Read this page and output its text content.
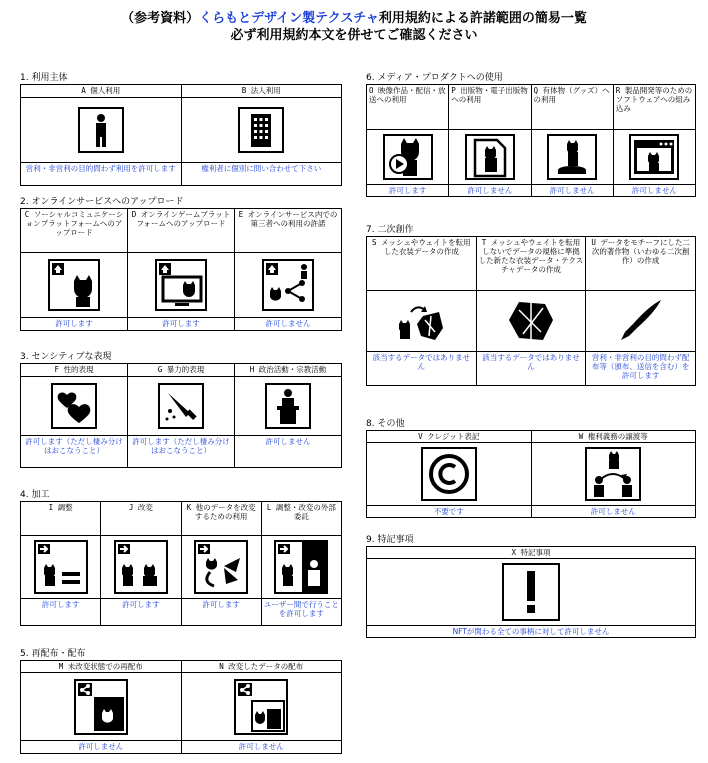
（参考資料）くらもとデザイン製テクスチャ利用規約による許諾範囲の簡易一覧
必ず利用規約本文を併せてご確認ください
1. 利用主体
A 個人利用
営利・非営利の目的問わず利用を許可します
B 法人利用
権利者に個別に問い合わせて下さい
2. オンラインサービスへのアップロード
C ソーシャルコミュニケーションプラットフォームへのアップロード
許可します
D オンラインゲームプラットフォームへのアップロード
許可します
E オンラインサービス内での第三者への利用の許諾
許可しません
3. センシティブな表現
F 性的表現
許可します（ただし棲み分けはおこなうこと）
G 暴力的表現
許可します（ただし棲み分けはおこなうこと）
H 政治活動・宗教活動
許可しません
4. 加工
I 調整
許可します
J 改変
許可します
K 他のデータを改変するための利用
許可します
L 調整・改変の外部委託
ユーザー間で行うことを許可します
5. 再配布・配布
M 未改変状態での再配布
許可しません
N 改変したデータの配布
許可しません
6. メディア・プロダクトへの使用
O 映像作品・配信・放送への利用
許可します
P 出版物・電子出版物への利用
許可しません
Q 有体物（グッズ）への利用
許可しません
R 製品開発等のためのソフトウェアへの組み込み
許可しません
7. 二次創作
S メッシュやウェイトを転用した衣装データの作成
該当するデータではありません
T メッシュやウェイトを転用しないでデータの規格に準拠した新たな衣装データ・テクスチャデータの作成
該当するデータではありません
U データをモチーフにした二次的著作物（いわゆる二次創作）の作成
営利・非営利の目的問わず配布等（頒布、送信を含む）を許可します
8. その他
V クレジット表記
不要です
W 権利義務の譲渡等
許可しません
9. 特記事項
X 特記事項
NFTが関わる全ての事柄に対して許可しません
